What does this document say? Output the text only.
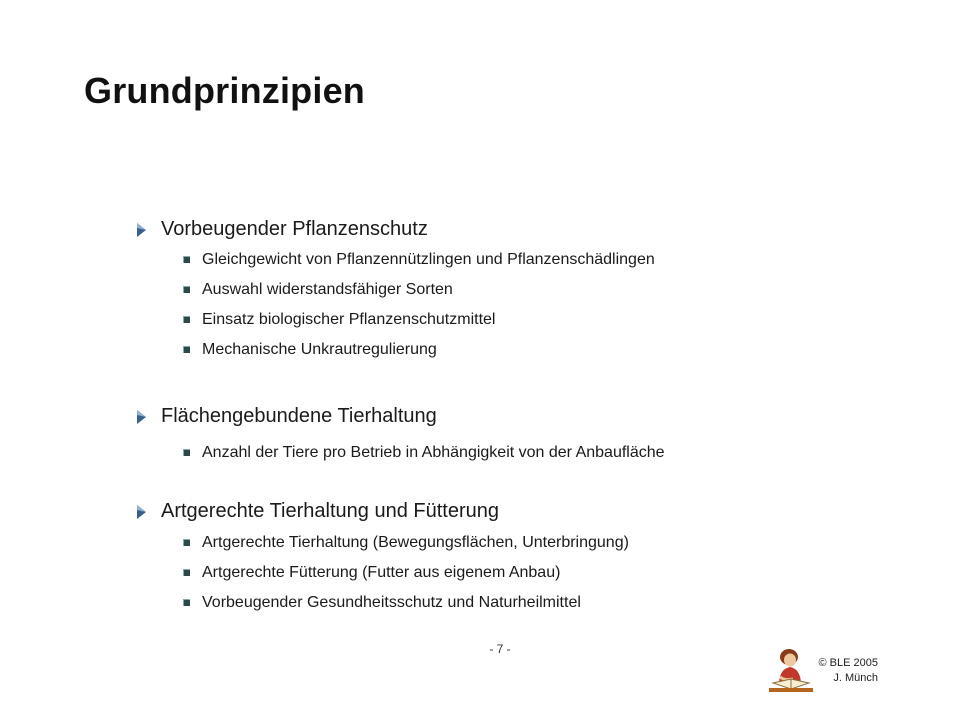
Grundprinzipien
Vorbeugender Pflanzenschutz
Gleichgewicht von Pflanzennützlingen und Pflanzenschädlingen
Auswahl widerstandsfähiger Sorten
Einsatz biologischer Pflanzenschutzmittel
Mechanische Unkrautregulierung
Flächengebundene Tierhaltung
Anzahl der Tiere pro Betrieb in Abhängigkeit von der Anbaufläche
Artgerechte Tierhaltung und Fütterung
Artgerechte Tierhaltung (Bewegungsflächen, Unterbringung)
Artgerechte Fütterung (Futter aus eigenem Anbau)
Vorbeugender Gesundheitsschutz und Naturheilmittel
- 7 -
© BLE 2005
J. Münch
